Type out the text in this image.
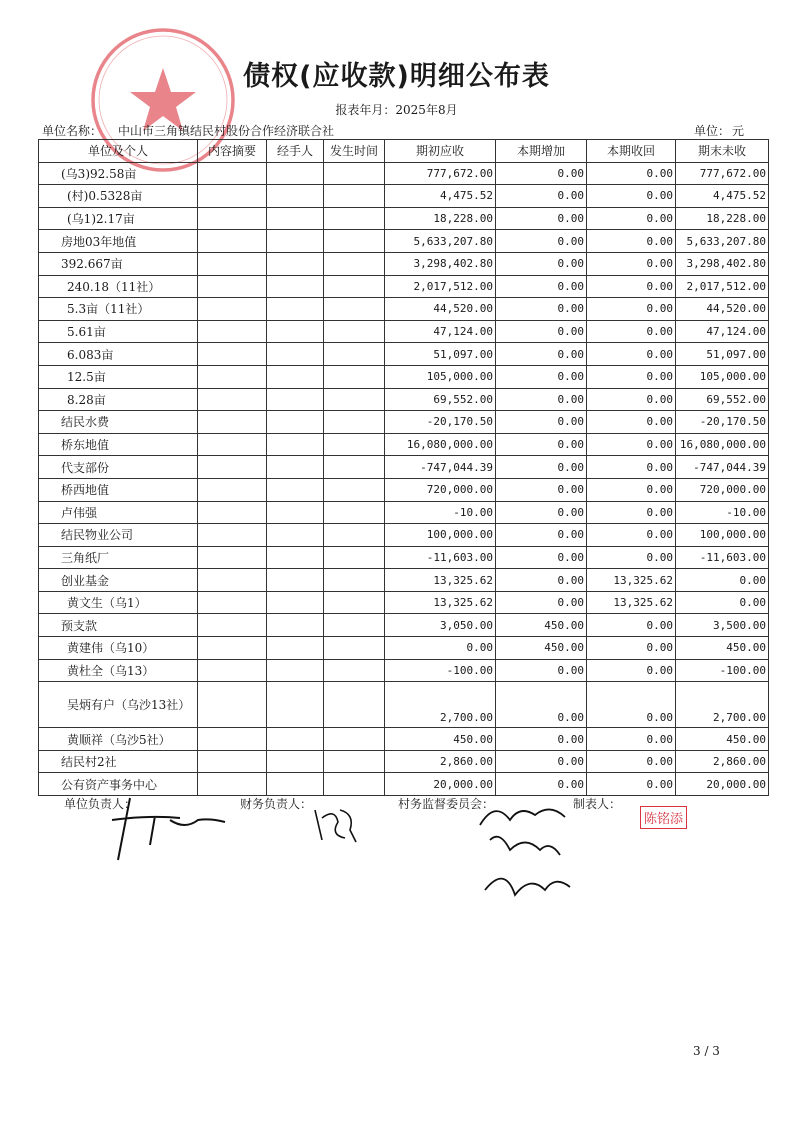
债权(应收款)明细公布表
报表年月：2025年8月
单位名称： 中山市三角镇结民村股份合作经济联合社	单位： 元
单位及个人	内容摘要	经手人	发生时间	期初应收	本期增加	本期收回	期末未收
(乌3)92.58亩				777,672.00	0.00	0.00	777,672.00
(村)0.5328亩				4,475.52	0.00	0.00	4,475.52
(乌1)2.17亩				18,228.00	0.00	0.00	18,228.00
房地03年地值				5,633,207.80	0.00	0.00	5,633,207.80
392.667亩				3,298,402.80	0.00	0.00	3,298,402.80
240.18（11社）				2,017,512.00	0.00	0.00	2,017,512.00
5.3亩（11社）				44,520.00	0.00	0.00	44,520.00
5.61亩				47,124.00	0.00	0.00	47,124.00
6.083亩				51,097.00	0.00	0.00	51,097.00
12.5亩				105,000.00	0.00	0.00	105,000.00
8.28亩				69,552.00	0.00	0.00	69,552.00
结民水费				-20,170.50	0.00	0.00	-20,170.50
桥东地值				16,080,000.00	0.00	0.00	16,080,000.00
代支部份				-747,044.39	0.00	0.00	-747,044.39
桥西地值				720,000.00	0.00	0.00	720,000.00
卢伟强				-10.00	0.00	0.00	-10.00
结民物业公司				100,000.00	0.00	0.00	100,000.00
三角纸厂				-11,603.00	0.00	0.00	-11,603.00
创业基金				13,325.62	0.00	13,325.62	0.00
黄文生（乌1）				13,325.62	0.00	13,325.62	0.00
预支款				3,050.00	450.00	0.00	3,500.00
黄建伟（乌10）				0.00	450.00	0.00	450.00
黄杜全（乌13）				-100.00	0.00	0.00	-100.00
吴炳有户（乌沙13社）				2,700.00	0.00	0.00	2,700.00
黄顺祥（乌沙5社）				450.00	0.00	0.00	450.00
结民村2社				2,860.00	0.00	0.00	2,860.00
公有资产事务中心				20,000.00	0.00	0.00	20,000.00
单位负责人：	财务负责人：	村务监督委员会：	制表人：
陈铭添
3 / 3
